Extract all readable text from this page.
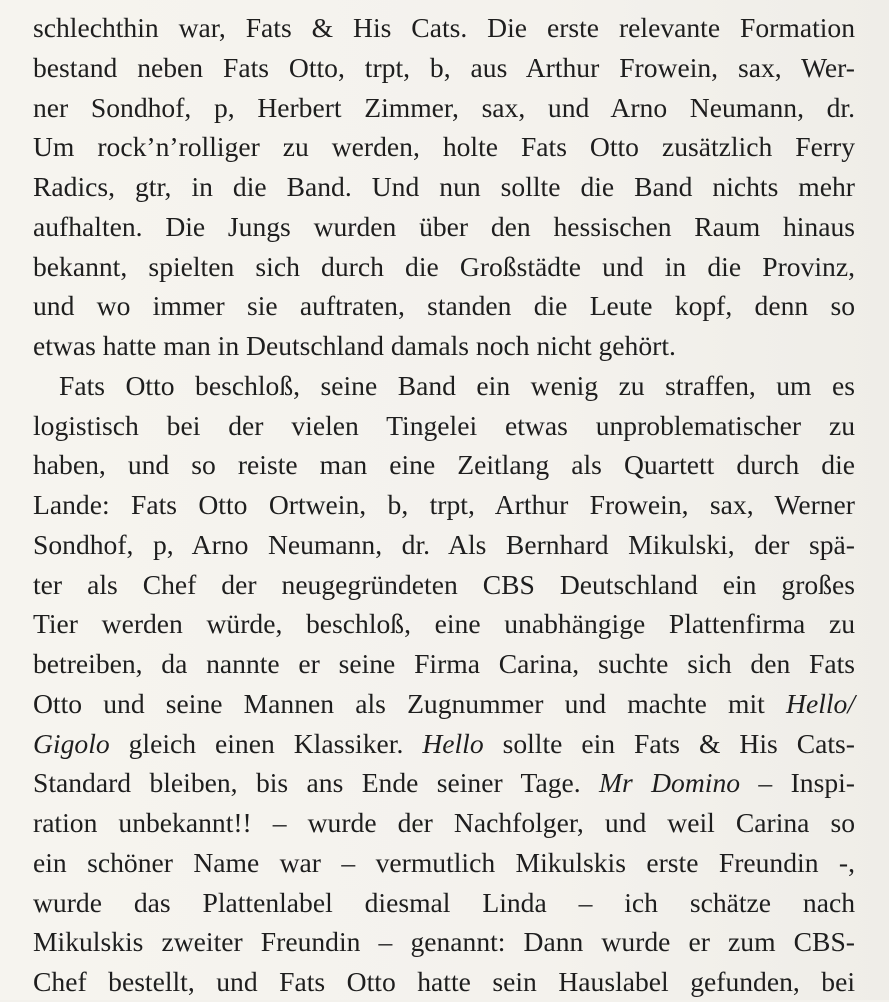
schlechthin war, Fats & His Cats. Die erste relevante Formation
bestand neben Fats Otto, trpt, b, aus Arthur Frowein, sax, Wer-
ner Sondhof, p, Herbert Zimmer, sax, und Arno Neumann, dr.
Um rock’n’rolliger zu werden, holte Fats Otto zusätzlich Ferry
Radics, gtr, in die Band. Und nun sollte die Band nichts mehr
aufhalten. Die Jungs wurden über den hessischen Raum hinaus
bekannt, spielten sich durch die Großstädte und in die Provinz,
und wo immer sie auftraten, standen die Leute kopf, denn so
etwas hatte man in Deutschland damals noch nicht gehört.
Fats Otto beschloß, seine Band ein wenig zu straffen, um es
logistisch bei der vielen Tingelei etwas unproblematischer zu
haben, und so reiste man eine Zeitlang als Quartett durch die
Lande: Fats Otto Ortwein, b, trpt, Arthur Frowein, sax, Werner
Sondhof, p, Arno Neumann, dr. Als Bernhard Mikulski, der spä-
ter als Chef der neugegründeten CBS Deutschland ein großes
Tier werden würde, beschloß, eine unabhängige Plattenfirma zu
betreiben, da nannte er seine Firma Carina, suchte sich den Fats
Otto und seine Mannen als Zugnummer und machte mit Hello/
Gigolo gleich einen Klassiker. Hello sollte ein Fats & His Cats-
Standard bleiben, bis ans Ende seiner Tage. Mr Domino – Inspi-
ration unbekannt!! – wurde der Nachfolger, und weil Carina so
ein schöner Name war – vermutlich Mikulskis erste Freundin -,
wurde das Plattenlabel diesmal Linda – ich schätze nach
Mikulskis zweiter Freundin – genannt: Dann wurde er zum CBS-
Chef bestellt, und Fats Otto hatte sein Hauslabel gefunden, bei
